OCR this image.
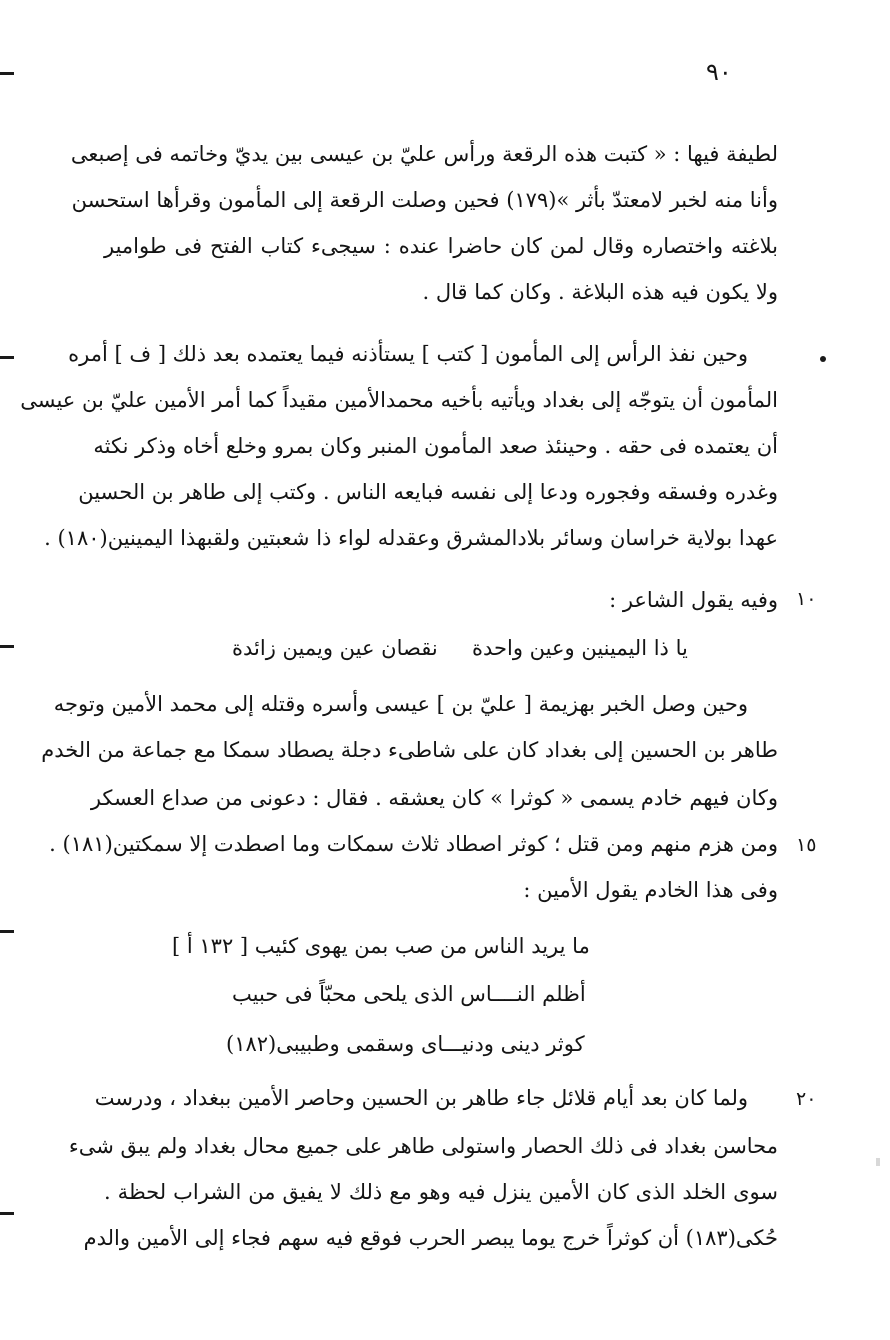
٩٠
لطيفة فيها : « كتبت هذه الرقعة ورأس عليّ بن عيسى بين يديّ وخاتمه فى إصبعى
وأنا منه لخبر لامعتدّ بأثر »(١٧٩) فحين وصلت الرقعة إلى المأمون وقرأها استحسن
بلاغته واختصاره وقال لمن كان حاضرا عنده : سيجىء كتاب الفتح فى طوامير
ولا يكون فيه هذه البلاغة . وكان كما قال .
وحين نفذ الرأس إلى المأمون [ كتب ] يستأذنه فيما يعتمده بعد ذلك [ ف ] أمره
المأمون أن يتوجّه إلى بغداد ويأتيه بأخيه محمدالأمين مقيداً كما أمر الأمين عليّ بن عيسى
أن يعتمده فى حقه . وحينئذ صعد المأمون المنبر وكان بمرو وخلع أخاه وذكر نكثه
وغدره وفسقه وفجوره ودعا إلى نفسه فبايعه الناس . وكتب إلى طاهر بن الحسين
عهدا بولاية خراسان وسائر بلادالمشرق وعقدله لواء ذا شعبتين ولقبهذا اليمينين(١٨٠) .
وفيه يقول الشاعر : ١٠
يا ذا اليمينين وعين واحدة
نقصان عين ويمين زائدة
وحين وصل الخبر بهزيمة [ عليّ بن ] عيسى وأسره وقتله إلى محمد الأمين وتوجه
طاهر بن الحسين إلى بغداد كان على شاطىء دجلة يصطاد سمكا مع جماعة من الخدم
وكان فيهم خادم يسمى « كوثرا » كان يعشقه . فقال : دعونى من صداع العسكر
ومن هزم منهم ومن قتل ؛ كوثر اصطاد ثلاث سمكات وما اصطدت إلا سمكتين(١٨١) . ١٥
وفى هذا الخادم يقول الأمين :
ما يريد الناس من صب بمن يهوى كئيب [ ١٣٢ أ ]
أظلم النــــاس الذى يلحى محبّاً فى حبيب
كوثر دينى ودنيـــاى وسقمى وطبيبى(١٨٢)
ولما كان بعد أيام قلائل جاء طاهر بن الحسين وحاصر الأمين ببغداد ، ودرست	٢٠
محاسن بغداد فى ذلك الحصار واستولى طاهر على جميع محال بغداد ولم يبق شىء
سوى الخلد الذى كان الأمين ينزل فيه وهو مع ذلك لا يفيق من الشراب لحظة .
حُكى(١٨٣) أن كوثراً خرج يوما يبصر الحرب فوقع فيه سهم فجاء إلى الأمين والدم
